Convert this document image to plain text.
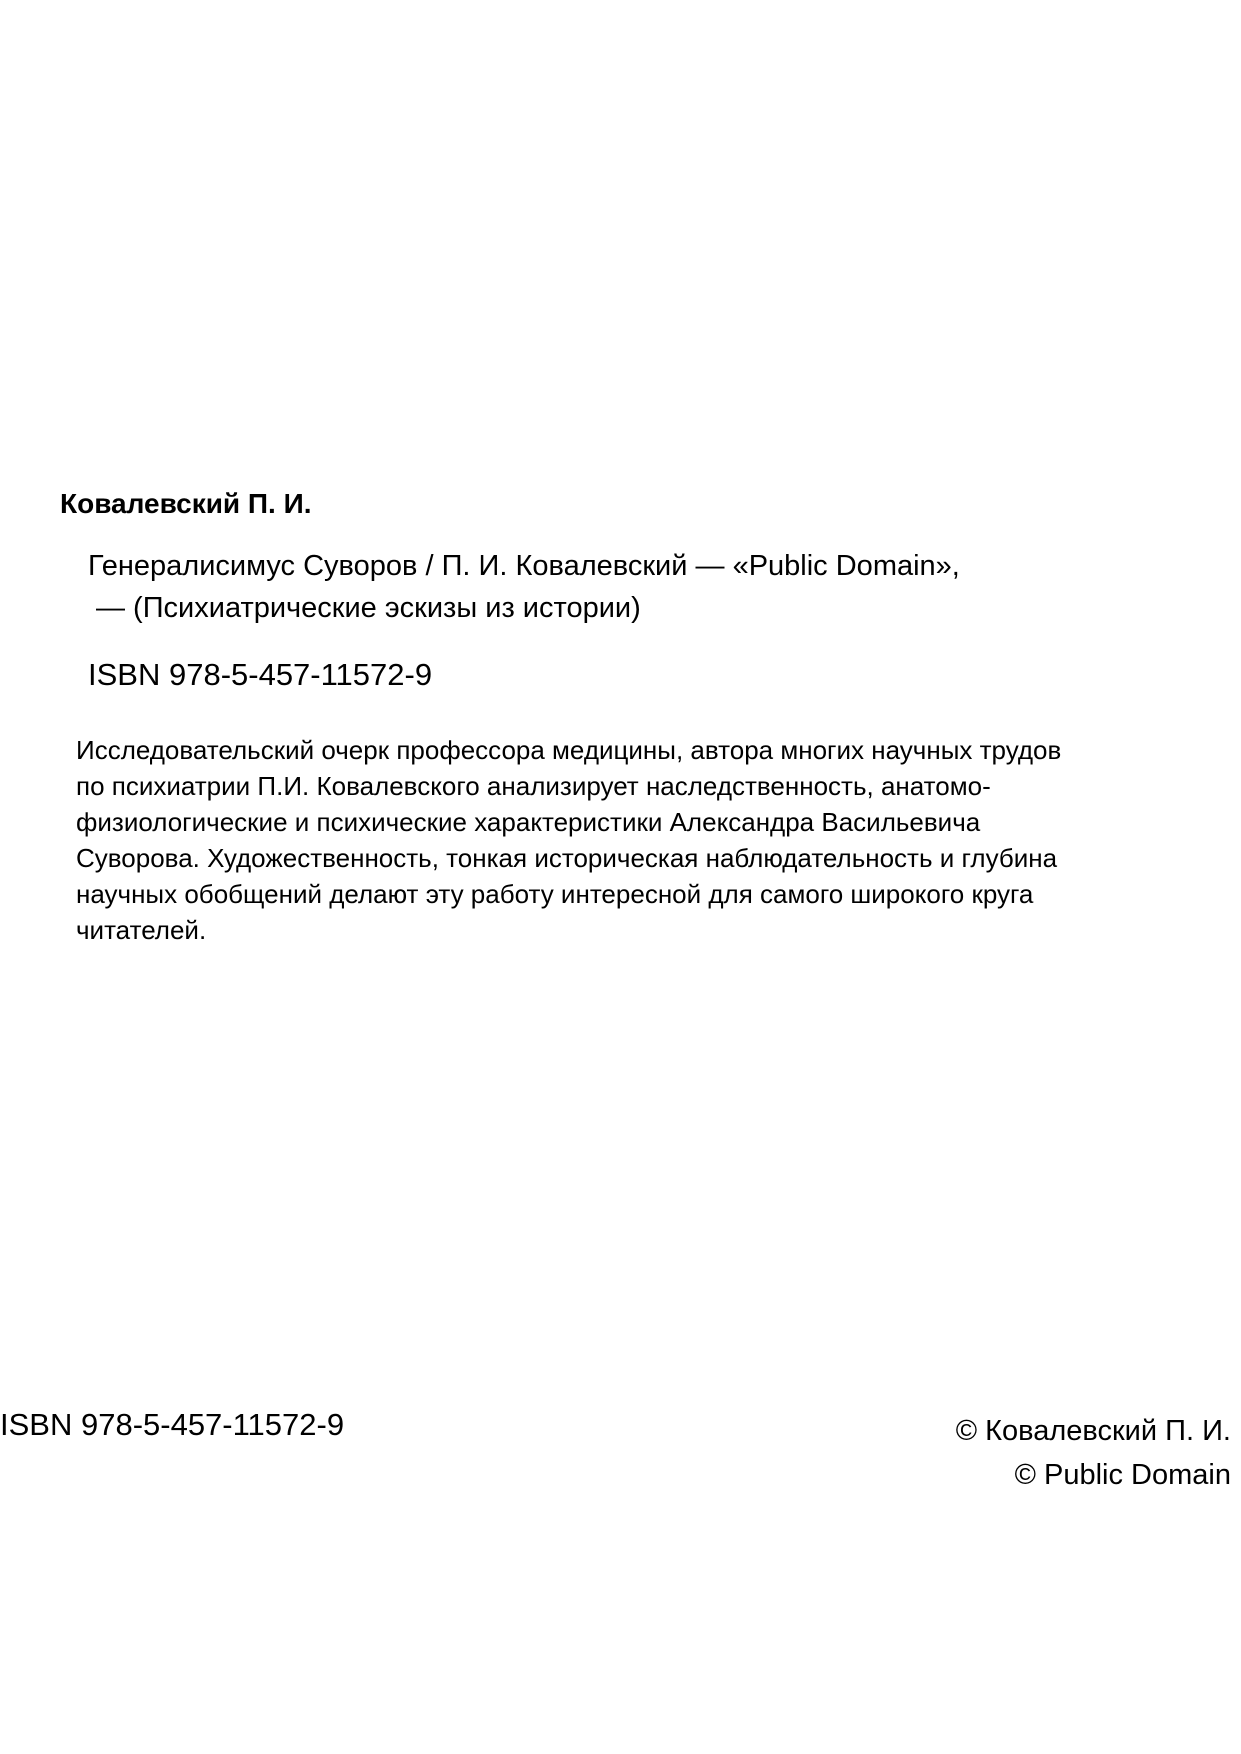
Ковалевский П. И.
Генералисимус Суворов / П. И. Ковалевский — «Public Domain»,
— (Психиатрические эскизы из истории)
ISBN 978-5-457-11572-9
Исследовательский очерк профессора медицины, автора многих научных трудов
по психиатрии П.И. Ковалевского анализирует наследственность, анатомо-
физиологические и психические характеристики Александра Васильевича
Суворова. Художественность, тонкая историческая наблюдательность и глубина
научных обобщений делают эту работу интересной для самого широкого круга
читателей.
ISBN 978-5-457-11572-9	© Ковалевский П. И.
© Public Domain
